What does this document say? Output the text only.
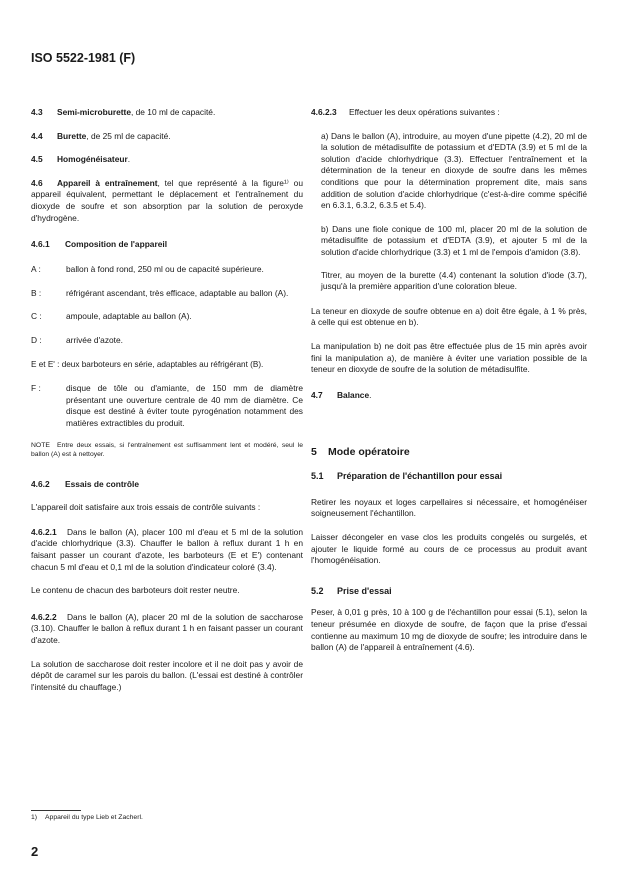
ISO 5522-1981 (F)

4.3 Semi-microburette, de 10 ml de capacité.

4.4 Burette, de 25 ml de capacité.

4.5 Homogénéisateur.

4.6 Appareil à entraînement, tel que représenté à la figure¹⁾ ou appareil équivalent, permettant le déplacement et l'entraînement du dioxyde de soufre et son absorption par la solution de peroxyde d'hydrogène.

4.6.1 Composition de l'appareil

A :	ballon à fond rond, 250 ml ou de capacité supérieure.

B :	réfrigérant ascendant, très efficace, adaptable au ballon (A).

C :	ampoule, adaptable au ballon (A).

D :	arrivée d'azote.

E et E' : deux barboteurs en série, adaptables au réfrigérant (B).
F :	disque de tôle ou d'amiante, de 150 mm de diamètre présentant une ouverture centrale de 40 mm de diamètre. Ce disque est destiné à éviter toute pyrogénation notamment des matières extractibles du produit.

NOTE Entre deux essais, si l'entraînement est suffisamment lent et modéré, seul le ballon (A) est à nettoyer.

4.6.2 Essais de contrôle

L'appareil doit satisfaire aux trois essais de contrôle suivants :

4.6.2.1 Dans le ballon (A), placer 100 ml d'eau et 5 ml de la solution d'acide chlorhydrique (3.3). Chauffer le ballon à reflux durant 1 h en faisant passer un courant d'azote, les barboteurs (E et E') contenant chacun 5 ml d'eau et 0,1 ml de la solution d'indicateur coloré (3.4).

Le contenu de chacun des barboteurs doit rester neutre.

4.6.2.2 Dans le ballon (A), placer 20 ml de la solution de saccharose (3.10). Chauffer le ballon à reflux durant 1 h en faisant passer un courant d'azote.

La solution de saccharose doit rester incolore et il ne doit pas y avoir de dépôt de caramel sur les parois du ballon. (L'essai est destiné à contrôler l'intensité du chauffage.)

4.6.2.3 Effectuer les deux opérations suivantes :

a) Dans le ballon (A), introduire, au moyen d'une pipette (4.2), 20 ml de la solution de métadisulfite de potassium et d'EDTA (3.9) et 5 ml de la solution d'acide chlorhydrique (3.3). Effectuer l'entraînement et la détermination de la teneur en dioxyde de soufre dans les mêmes conditions que pour la détermination proprement dite, mais sans addition de solution d'acide chlorhydrique (c'est-à-dire comme spécifié en 6.3.1, 6.3.2, 6.3.5 et 5.4).

b) Dans une fiole conique de 100 ml, placer 20 ml de la solution de métadisulfite de potassium et d'EDTA (3.9), et ajouter 5 ml de la solution d'acide chlorhydrique (3.3) et 1 ml de l'empois d'amidon (3.8).

Titrer, au moyen de la burette (4.4) contenant la solution d'iode (3.7), jusqu'à la première apparition d'une coloration bleue.

La teneur en dioxyde de soufre obtenue en a) doit être égale, à 1 % près, à celle qui est obtenue en b).

La manipulation b) ne doit pas être effectuée plus de 15 min après avoir fini la manipulation a), de manière à éviter une variation possible de la teneur en dioxyde de soufre de la solution de métadisulfite.

4.7 Balance.

5 Mode opératoire

5.1 Préparation de l'échantillon pour essai

Retirer les noyaux et loges carpellaires si nécessaire, et homogénéiser soigneusement l'échantillon.

Laisser décongeler en vase clos les produits congelés ou surgelés, et ajouter le liquide formé au cours de ce processus au produit avant l'homogénéisation.

5.2 Prise d'essai

Peser, à 0,01 g près, 10 à 100 g de l'échantillon pour essai (5.1), selon la teneur présumée en dioxyde de soufre, de façon que la prise d'essai contienne au maximum 10 mg de dioxyde de soufre; les introduire dans le ballon (A) de l'appareil à entraînement (4.6).

1) Appareil du type Lieb et Zacherl.
2
